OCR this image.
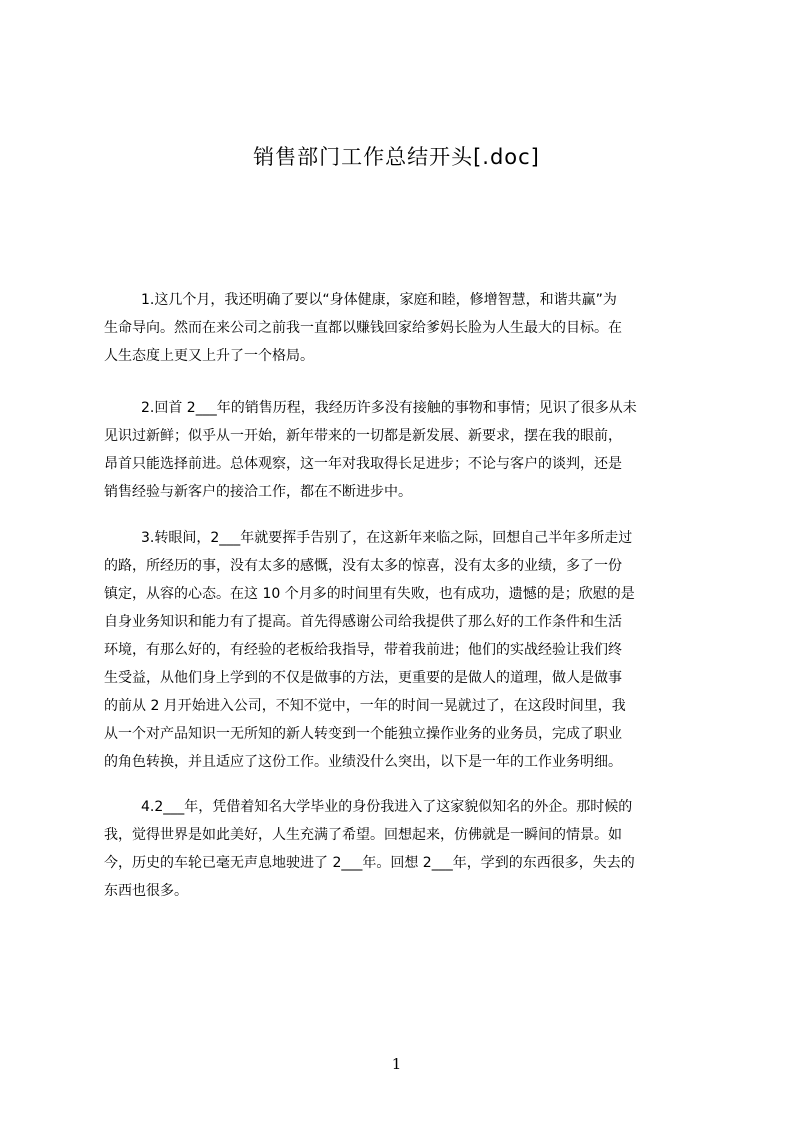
销售部门工作总结开头[.doc]
1.这几个月，我还明确了要以“身体健康，家庭和睦，修增智慧，和谐共赢”为
生命导向。然而在来公司之前我一直都以赚钱回家给爹妈长脸为人生最大的目标。在
人生态度上更又上升了一个格局。
2.回首 2___年的销售历程，我经历许多没有接触的事物和事情；见识了很多从未
见识过新鲜；似乎从一开始，新年带来的一切都是新发展、新要求，摆在我的眼前，
昂首只能选择前进。总体观察，这一年对我取得长足进步；不论与客户的谈判，还是
销售经验与新客户的接洽工作，都在不断进步中。
3.转眼间，2___年就要挥手告别了，在这新年来临之际，回想自己半年多所走过
的路，所经历的事，没有太多的感慨，没有太多的惊喜，没有太多的业绩，多了一份
镇定，从容的心态。在这 10 个月多的时间里有失败，也有成功，遗憾的是；欣慰的是
自身业务知识和能力有了提高。首先得感谢公司给我提供了那么好的工作条件和生活
环境，有那么好的，有经验的老板给我指导，带着我前进；他们的实战经验让我们终
生受益，从他们身上学到的不仅是做事的方法，更重要的是做人的道理，做人是做事
的前从 2 月开始进入公司，不知不觉中，一年的时间一晃就过了，在这段时间里，我
从一个对产品知识一无所知的新人转变到一个能独立操作业务的业务员，完成了职业
的角色转换，并且适应了这份工作。业绩没什么突出，以下是一年的工作业务明细。
4.2___年，凭借着知名大学毕业的身份我进入了这家貌似知名的外企。那时候的
我，觉得世界是如此美好，人生充满了希望。回想起来，仿佛就是一瞬间的情景。如
今，历史的车轮已毫无声息地驶进了 2___年。回想 2___年，学到的东西很多，失去的
东西也很多。
1
